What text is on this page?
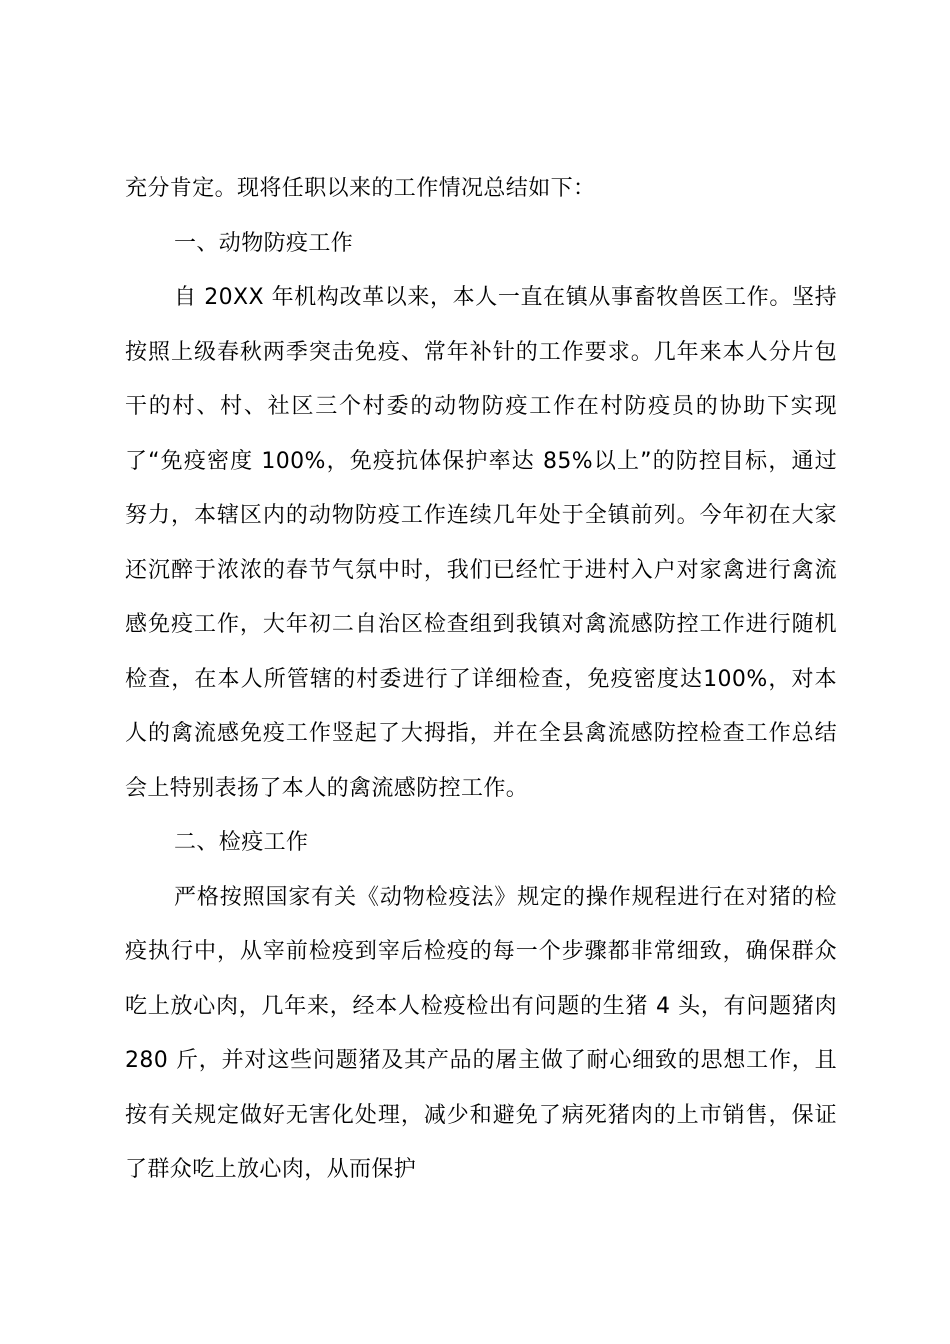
充分肯定。现将任职以来的工作情况总结如下：

一、动物防疫工作

自 20XX 年机构改革以来，本人一直在镇从事畜牧兽医工作。坚持按照上级春秋两季突击免疫、常年补针的工作要求。几年来本人分片包干的村、村、社区三个村委的动物防疫工作在村防疫员的协助下实现了“免疫密度 100%，免疫抗体保护率达 85%以上”的防控目标，通过努力，本辖区内的动物防疫工作连续几年处于全镇前列。今年初在大家还沉醉于浓浓的春节气氛中时，我们已经忙于进村入户对家禽进行禽流感免疫工作，大年初二自治区检查组到我镇对禽流感防控工作进行随机检查，在本人所管辖的村委进行了详细检查，免疫密度达100%，对本人的禽流感免疫工作竖起了大拇指，并在全县禽流感防控检查工作总结会上特别表扬了本人的禽流感防控工作。

二、检疫工作

严格按照国家有关《动物检疫法》规定的操作规程进行在对猪的检疫执行中，从宰前检疫到宰后检疫的每一个步骤都非常细致，确保群众吃上放心肉，几年来，经本人检疫检出有问题的生猪 4 头，有问题猪肉 280 斤，并对这些问题猪及其产品的屠主做了耐心细致的思想工作，且按有关规定做好无害化处理，减少和避免了病死猪肉的上市销售，保证了群众吃上放心肉，从而保护
